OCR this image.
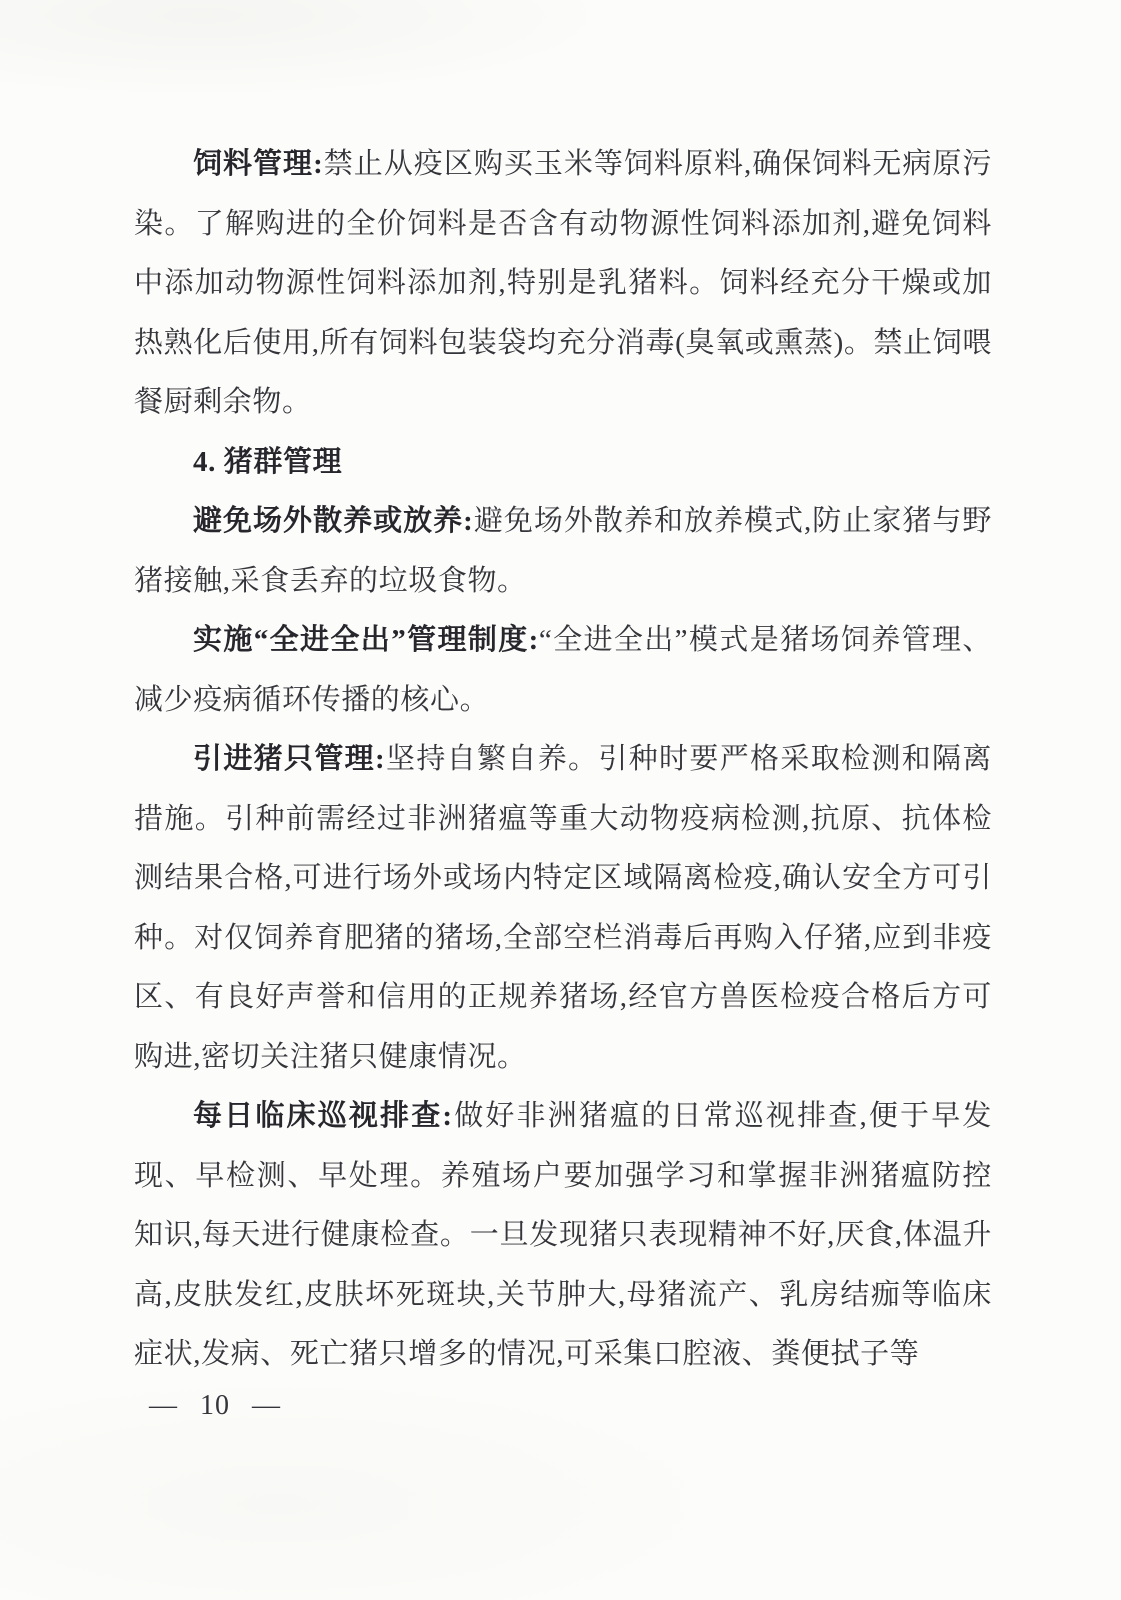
饲料管理:禁止从疫区购买玉米等饲料原料,确保饲料无病原污染。了解购进的全价饲料是否含有动物源性饲料添加剂,避免饲料中添加动物源性饲料添加剂,特别是乳猪料。饲料经充分干燥或加热熟化后使用,所有饲料包装袋均充分消毒(臭氧或熏蒸)。禁止饲喂餐厨剩余物。

4. 猪群管理

避免场外散养或放养:避免场外散养和放养模式,防止家猪与野猪接触,采食丢弃的垃圾食物。

实施“全进全出”管理制度:“全进全出”模式是猪场饲养管理、减少疫病循环传播的核心。

引进猪只管理:坚持自繁自养。引种时要严格采取检测和隔离措施。引种前需经过非洲猪瘟等重大动物疫病检测,抗原、抗体检测结果合格,可进行场外或场内特定区域隔离检疫,确认安全方可引种。对仅饲养育肥猪的猪场,全部空栏消毒后再购入仔猪,应到非疫区、有良好声誉和信用的正规养猪场,经官方兽医检疫合格后方可购进,密切关注猪只健康情况。

每日临床巡视排查:做好非洲猪瘟的日常巡视排查,便于早发现、早检测、早处理。养殖场户要加强学习和掌握非洲猪瘟防控知识,每天进行健康检查。一旦发现猪只表现精神不好,厌食,体温升高,皮肤发红,皮肤坏死斑块,关节肿大,母猪流产、乳房结痂等临床症状,发病、死亡猪只增多的情况,可采集口腔液、粪便拭子等

— 10 —
